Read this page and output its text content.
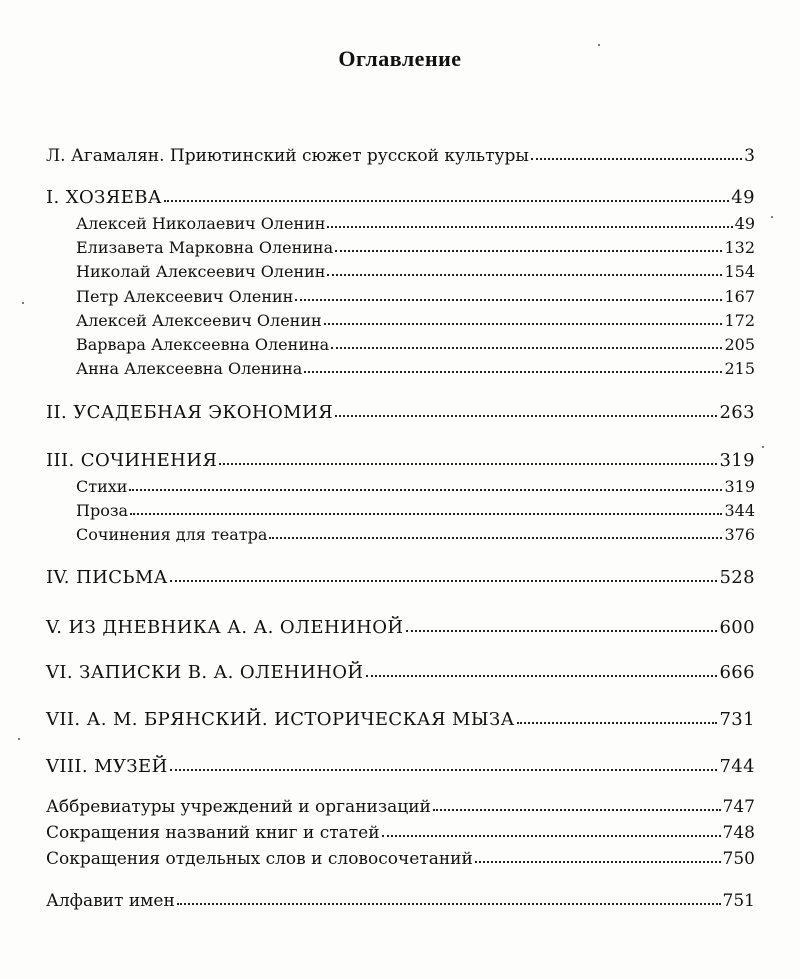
Оглавление
Л. Агамалян. Приютинский сюжет русской культуры	3
I. ХОЗЯЕВА	49
Алексей Николаевич Оленин	49
Елизавета Марковна Оленина	132
Николай Алексеевич Оленин	154
Петр Алексеевич Оленин	167
Алексей Алексеевич Оленин	172
Варвара Алексеевна Оленина	205
Анна Алексеевна Оленина	215
II. УСАДЕБНАЯ ЭКОНОМИЯ	263
III. СОЧИНЕНИЯ	319
Стихи	319
Проза	344
Сочинения для театра	376
IV. ПИСЬМА	528
V. ИЗ ДНЕВНИКА А. А. ОЛЕНИНОЙ	600
VI. ЗАПИСКИ В. А. ОЛЕНИНОЙ	666
VII. А. М. БРЯНСКИЙ. ИСТОРИЧЕСКАЯ МЫЗА	731
VIII. МУЗЕЙ	744
Аббревиатуры учреждений и организаций	747
Сокращения названий книг и статей	748
Сокращения отдельных слов и словосочетаний	750
Алфавит имен	751
